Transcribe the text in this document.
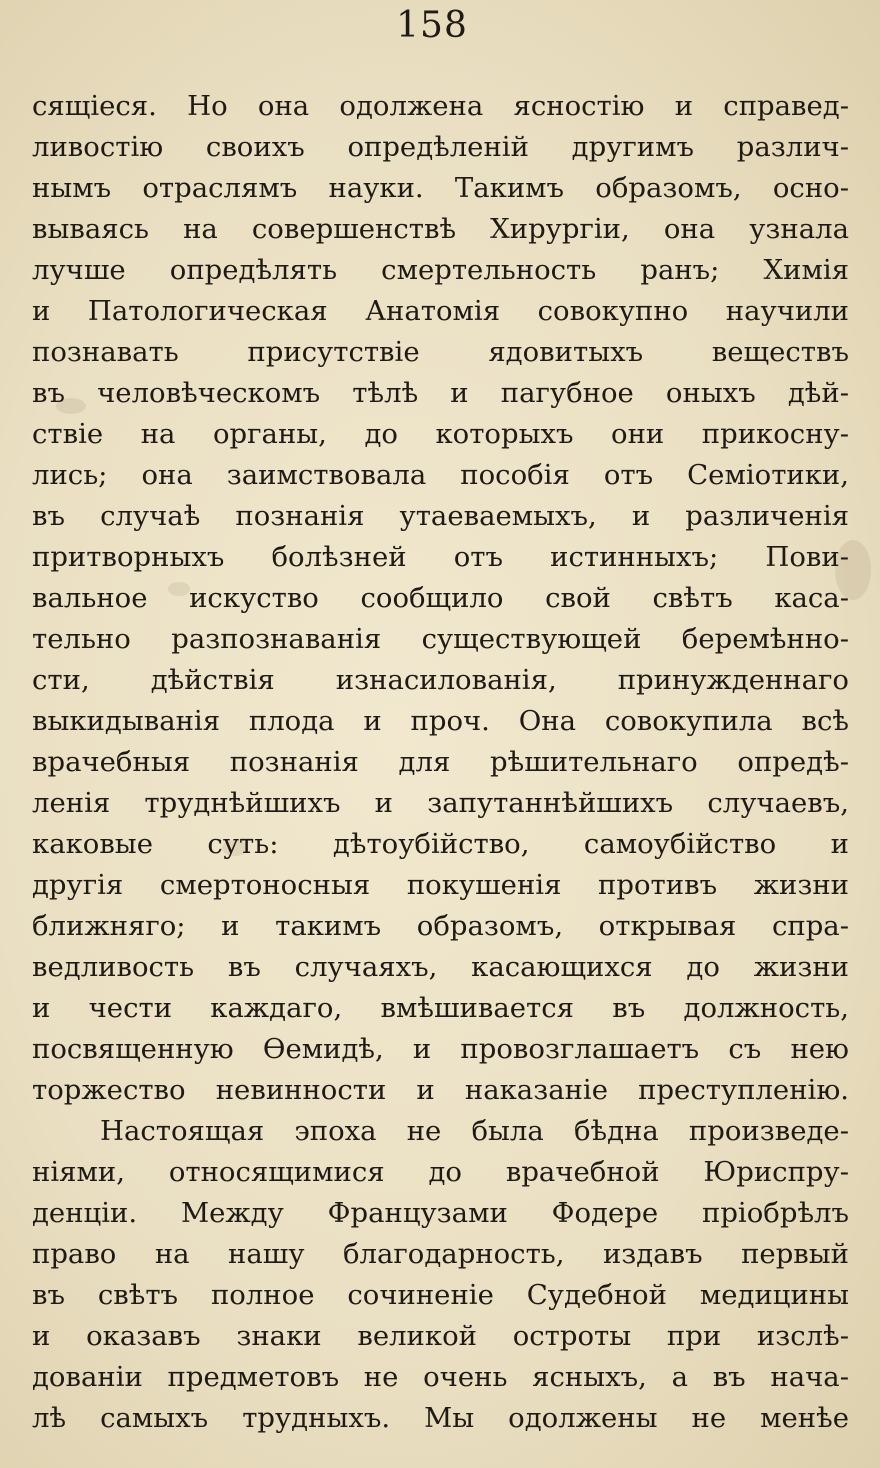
158
сящіеся. Но она одолжена ясностію и справед-
ливостію своихъ опредѣленій другимъ различ-
нымъ отраслямъ науки. Такимъ образомъ, осно-
вываясь на совершенствѣ Хирургіи, она узнала
лучше опредѣлять смертельность ранъ; Химія
и Патологическая Анатомія совокупно научили
познавать присутствіе ядовитыхъ веществъ
въ человѣческомъ тѣлѣ и пагубное оныхъ дѣй-
ствіе на органы, до которыхъ они прикосну-
лись; она заимствовала пособія отъ Семіотики,
въ случаѣ познанія утаеваемыхъ, и различенія
притворныхъ болѣзней отъ истинныхъ; Пови-
вальное искуство сообщило свой свѣтъ каса-
тельно разпознаванія существующей беремѣнно-
сти, дѣйствія изнасилованія, принужденнаго
выкидыванія плода и проч. Она совокупила всѣ
врачебныя познанія для рѣшительнаго опредѣ-
ленія труднѣйшихъ и запутаннѣйшихъ случаевъ,
каковые суть: дѣтоубійство, самоубійство и
другія смертоносныя покушенія противъ жизни
ближняго; и такимъ образомъ, открывая спра-
ведливость въ случаяхъ, касающихся до жизни
и чести каждаго, вмѣшивается въ должность,
посвященную Ѳемидѣ, и провозглашаетъ съ нею
торжество невинности и наказаніе преступленію.
Настоящая эпоха не была бѣдна произведе-
ніями, относящимися до врачебной Юриспру-
денціи. Между Французами Фодере пріобрѣлъ
право на нашу благодарность, издавъ первый
въ свѣтъ полное сочиненіе Судебной медицины
и оказавъ знаки великой остроты при изслѣ-
дованіи предметовъ не очень ясныхъ, а въ нача-
лѣ самыхъ трудныхъ. Мы одолжены не менѣе
